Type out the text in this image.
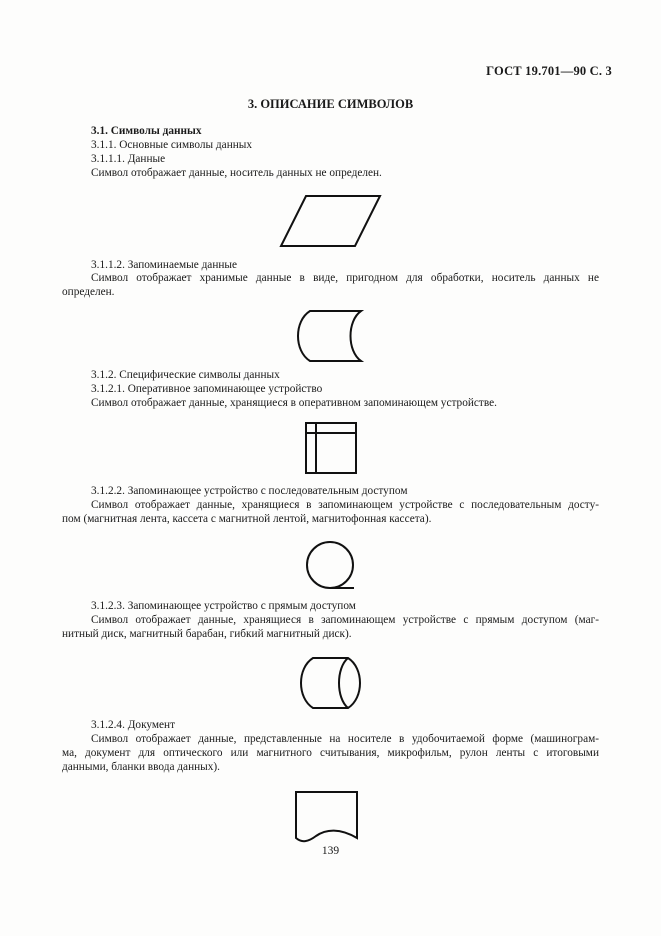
ГОСТ 19.701—90 С. 3
3. ОПИСАНИЕ СИМВОЛОВ
3.1. Символы данных
3.1.1. Основные символы данных
3.1.1.1. Данные
Символ отображает данные, носитель данных не определен.
3.1.1.2. Запоминаемые данные
Символ отображает хранимые данные в виде, пригодном для обработки, носитель данных не
определен.
3.1.2. Специфические символы данных
3.1.2.1. Оперативное запоминающее устройство
Символ отображает данные, хранящиеся в оперативном запоминающем устройстве.
3.1.2.2. Запоминающее устройство с последовательным доступом
Символ отображает данные, хранящиеся в запоминающем устройстве с последовательным досту-
пом (магнитная лента, кассета с магнитной лентой, магнитофонная кассета).
3.1.2.3. Запоминающее устройство с прямым доступом
Символ отображает данные, хранящиеся в запоминающем устройстве с прямым доступом (маг-
нитный диск, магнитный барабан, гибкий магнитный диск).
3.1.2.4. Документ
Символ отображает данные, представленные на носителе в удобочитаемой форме (машинограм-
ма, документ для оптического или магнитного считывания, микрофильм, рулон ленты с итоговыми
данными, бланки ввода данных).
139
